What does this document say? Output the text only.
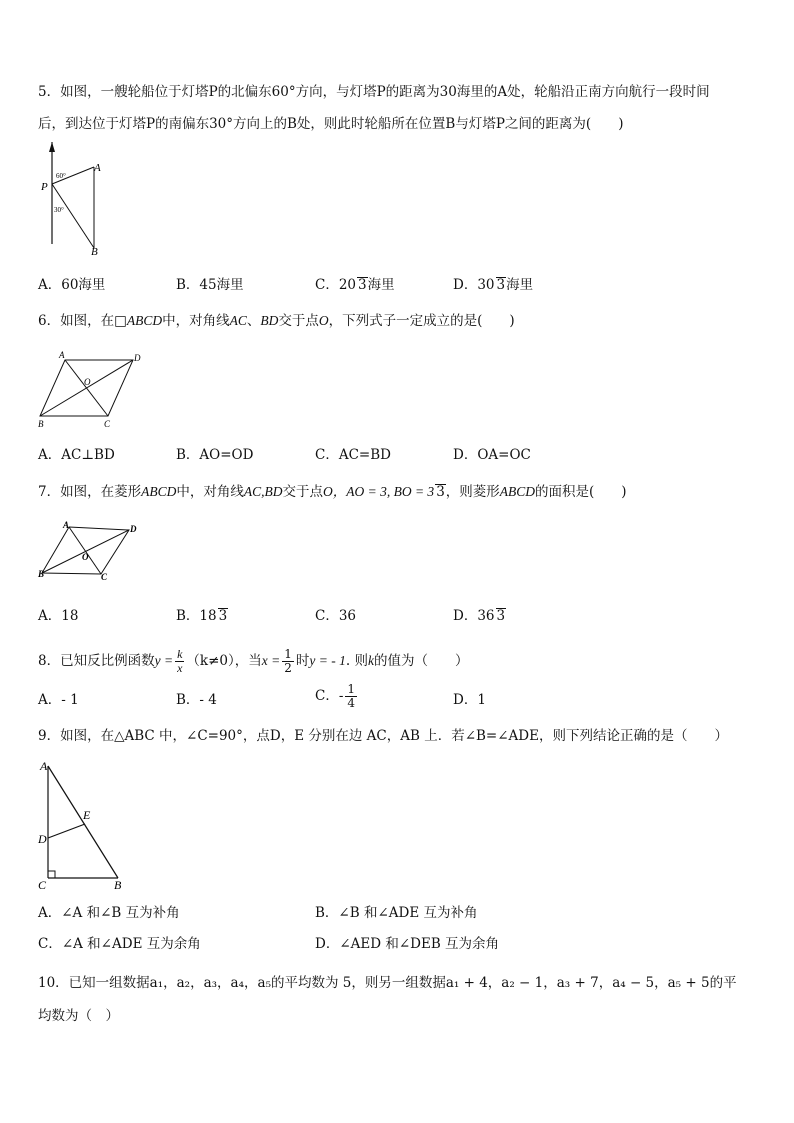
5．如图，一艘轮船位于灯塔P的北偏东60°方向，与灯塔P的距离为30海里的A处，轮船沿正南方向航行一段时间
后，到达位于灯塔P的南偏东30°方向上的B处，则此时轮船所在位置B与灯塔P之间的距离为(　　)
P
A
B
60°
30°
A．60海里	B．45海里	C．20 3海里	D．30 3海里
6．如图，在□ABCD中，对角线AC、BD交于点O，下列式子一定成立的是(　　)
A	D
B	C
O
A．AC⊥BD	B．AO=OD	C．AC=BD	D．OA=OC
7．如图，在菱形ABCD中，对角线AC,BD交于点O，AO = 3, BO = 3 3，则菱形ABCD的面积是(　　)
A	D
B	C
O
A．18	B．18 3	C．36	D．36 3
8．已知反比例函数$y = \frac{k}{x} (k\ne 0)$，当$x = \frac{1}{2}$ 时y = - 1. 则k的值为（　　）
A．- 1	B．- 4	C．- $\frac{1}{4}$	D．1
9．如图，在△ABC 中，∠C=90°，点D，E 分别在边 AC，AB 上．若∠B=∠ADE，则下列结论正确的是（　　）
A
D
E
C	B
A．∠A 和∠B 互为补角	B．∠B 和∠ADE 互为补角
C．∠A 和∠ADE 互为余角	D．∠AED 和∠DEB 互为余角
10．已知一组数据a₁，a₂，a₃，a₄，a₅的平均数为 5，则另一组数据a₁ + 4，a₂ − 1，a₃ + 7，a₄ − 5，a₅ + 5的平
均数为（　）
